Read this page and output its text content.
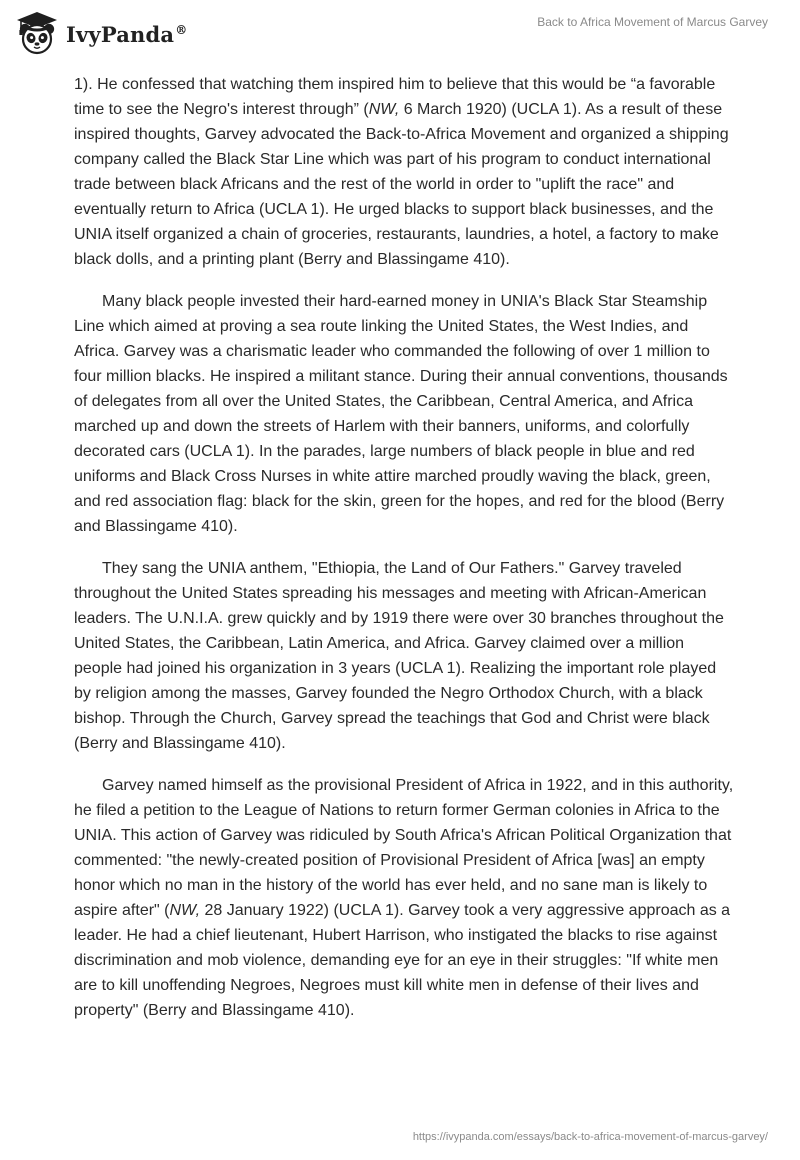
IvyPanda®
Back to Africa Movement of Marcus Garvey

1). He confessed that watching them inspired him to believe that this would be “a favorable time to see the Negro's interest through” (NW, 6 March 1920) (UCLA 1). As a result of these inspired thoughts, Garvey advocated the Back-to-Africa Movement and organized a shipping company called the Black Star Line which was part of his program to conduct international trade between black Africans and the rest of the world in order to "uplift the race" and eventually return to Africa (UCLA 1). He urged blacks to support black businesses, and the UNIA itself organized a chain of groceries, restaurants, laundries, a hotel, a factory to make black dolls, and a printing plant (Berry and Blassingame 410).

Many black people invested their hard-earned money in UNIA's Black Star Steamship Line which aimed at proving a sea route linking the United States, the West Indies, and Africa. Garvey was a charismatic leader who commanded the following of over 1 million to four million blacks. He inspired a militant stance. During their annual conventions, thousands of delegates from all over the United States, the Caribbean, Central America, and Africa marched up and down the streets of Harlem with their banners, uniforms, and colorfully decorated cars (UCLA 1). In the parades, large numbers of black people in blue and red uniforms and Black Cross Nurses in white attire marched proudly waving the black, green, and red association flag: black for the skin, green for the hopes, and red for the blood (Berry and Blassingame 410).

They sang the UNIA anthem, "Ethiopia, the Land of Our Fathers." Garvey traveled throughout the United States spreading his messages and meeting with African-American leaders. The U.N.I.A. grew quickly and by 1919 there were over 30 branches throughout the United States, the Caribbean, Latin America, and Africa. Garvey claimed over a million people had joined his organization in 3 years (UCLA 1). Realizing the important role played by religion among the masses, Garvey founded the Negro Orthodox Church, with a black bishop. Through the Church, Garvey spread the teachings that God and Christ were black (Berry and Blassingame 410).

Garvey named himself as the provisional President of Africa in 1922, and in this authority, he filed a petition to the League of Nations to return former German colonies in Africa to the UNIA. This action of Garvey was ridiculed by South Africa's African Political Organization that commented: "the newly-created position of Provisional President of Africa [was] an empty honor which no man in the history of the world has ever held, and no sane man is likely to aspire after" (NW, 28 January 1922) (UCLA 1). Garvey took a very aggressive approach as a leader. He had a chief lieutenant, Hubert Harrison, who instigated the blacks to rise against discrimination and mob violence, demanding eye for an eye in their struggles: "If white men are to kill unoffending Negroes, Negroes must kill white men in defense of their lives and property" (Berry and Blassingame 410).

https://ivypanda.com/essays/back-to-africa-movement-of-marcus-garvey/
